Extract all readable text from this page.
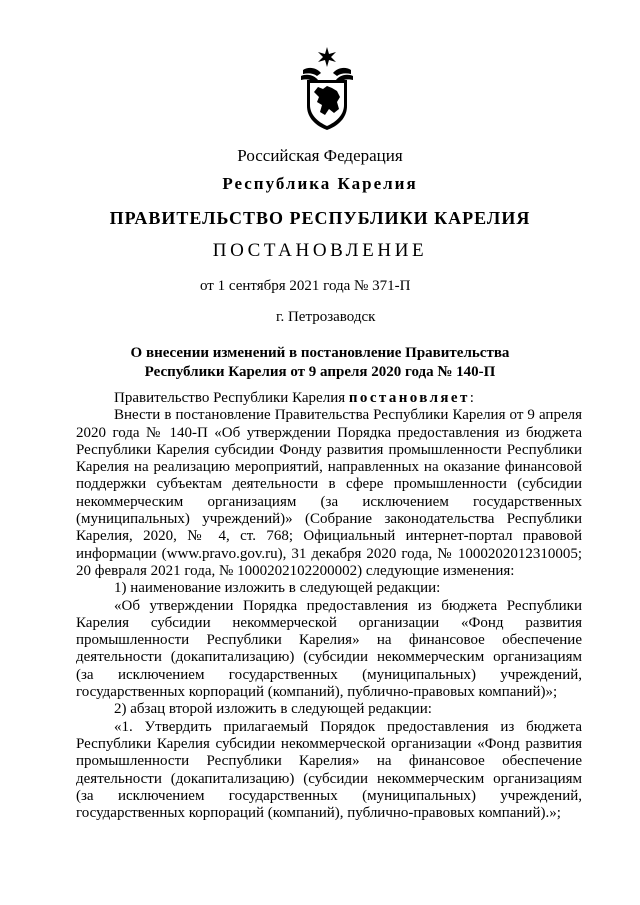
Российская Федерация
Республика Карелия
ПРАВИТЕЛЬСТВО РЕСПУБЛИКИ КАРЕЛИЯ
ПОСТАНОВЛЕНИЕ
от 1 сентября 2021 года № 371-П
г. Петрозаводск
О внесении изменений в постановление Правительства
Республики Карелия от 9 апреля 2020 года № 140-П

Правительство Республики Карелия постановляет:

Внести в постановление Правительства Республики Карелия от 9 апреля 2020 года № 140-П «Об утверждении Порядка предоставления из бюджета Республики Карелия субсидии Фонду развития промышленности Республики Карелия на реализацию мероприятий, направленных на оказание финансовой поддержки субъектам деятельности в сфере промышленности (субсидии некоммерческим организациям (за исключением государственных (муниципальных) учреждений)» (Собрание законодательства Республики Карелия, 2020, № 4, ст. 768; Официальный интернет-портал правовой информации (www.pravo.gov.ru), 31 декабря 2020 года, № 1000202012310005; 20 февраля 2021 года, № 1000202102200002) следующие изменения:

1) наименование изложить в следующей редакции:

«Об утверждении Порядка предоставления из бюджета Республики Карелия субсидии некоммерческой организации «Фонд развития промышленности Республики Карелия» на финансовое обеспечение деятельности (докапитализацию) (субсидии некоммерческим организациям (за исключением государственных (муниципальных) учреждений, государственных корпораций (компаний), публично-правовых компаний)»;

2) абзац второй изложить в следующей редакции:

«1. Утвердить прилагаемый Порядок предоставления из бюджета Республики Карелия субсидии некоммерческой организации «Фонд развития промышленности Республики Карелия» на финансовое обеспечение деятельности (докапитализацию) (субсидии некоммерческим организациям (за исключением государственных (муниципальных) учреждений, государственных корпораций (компаний), публично-правовых компаний).»;
